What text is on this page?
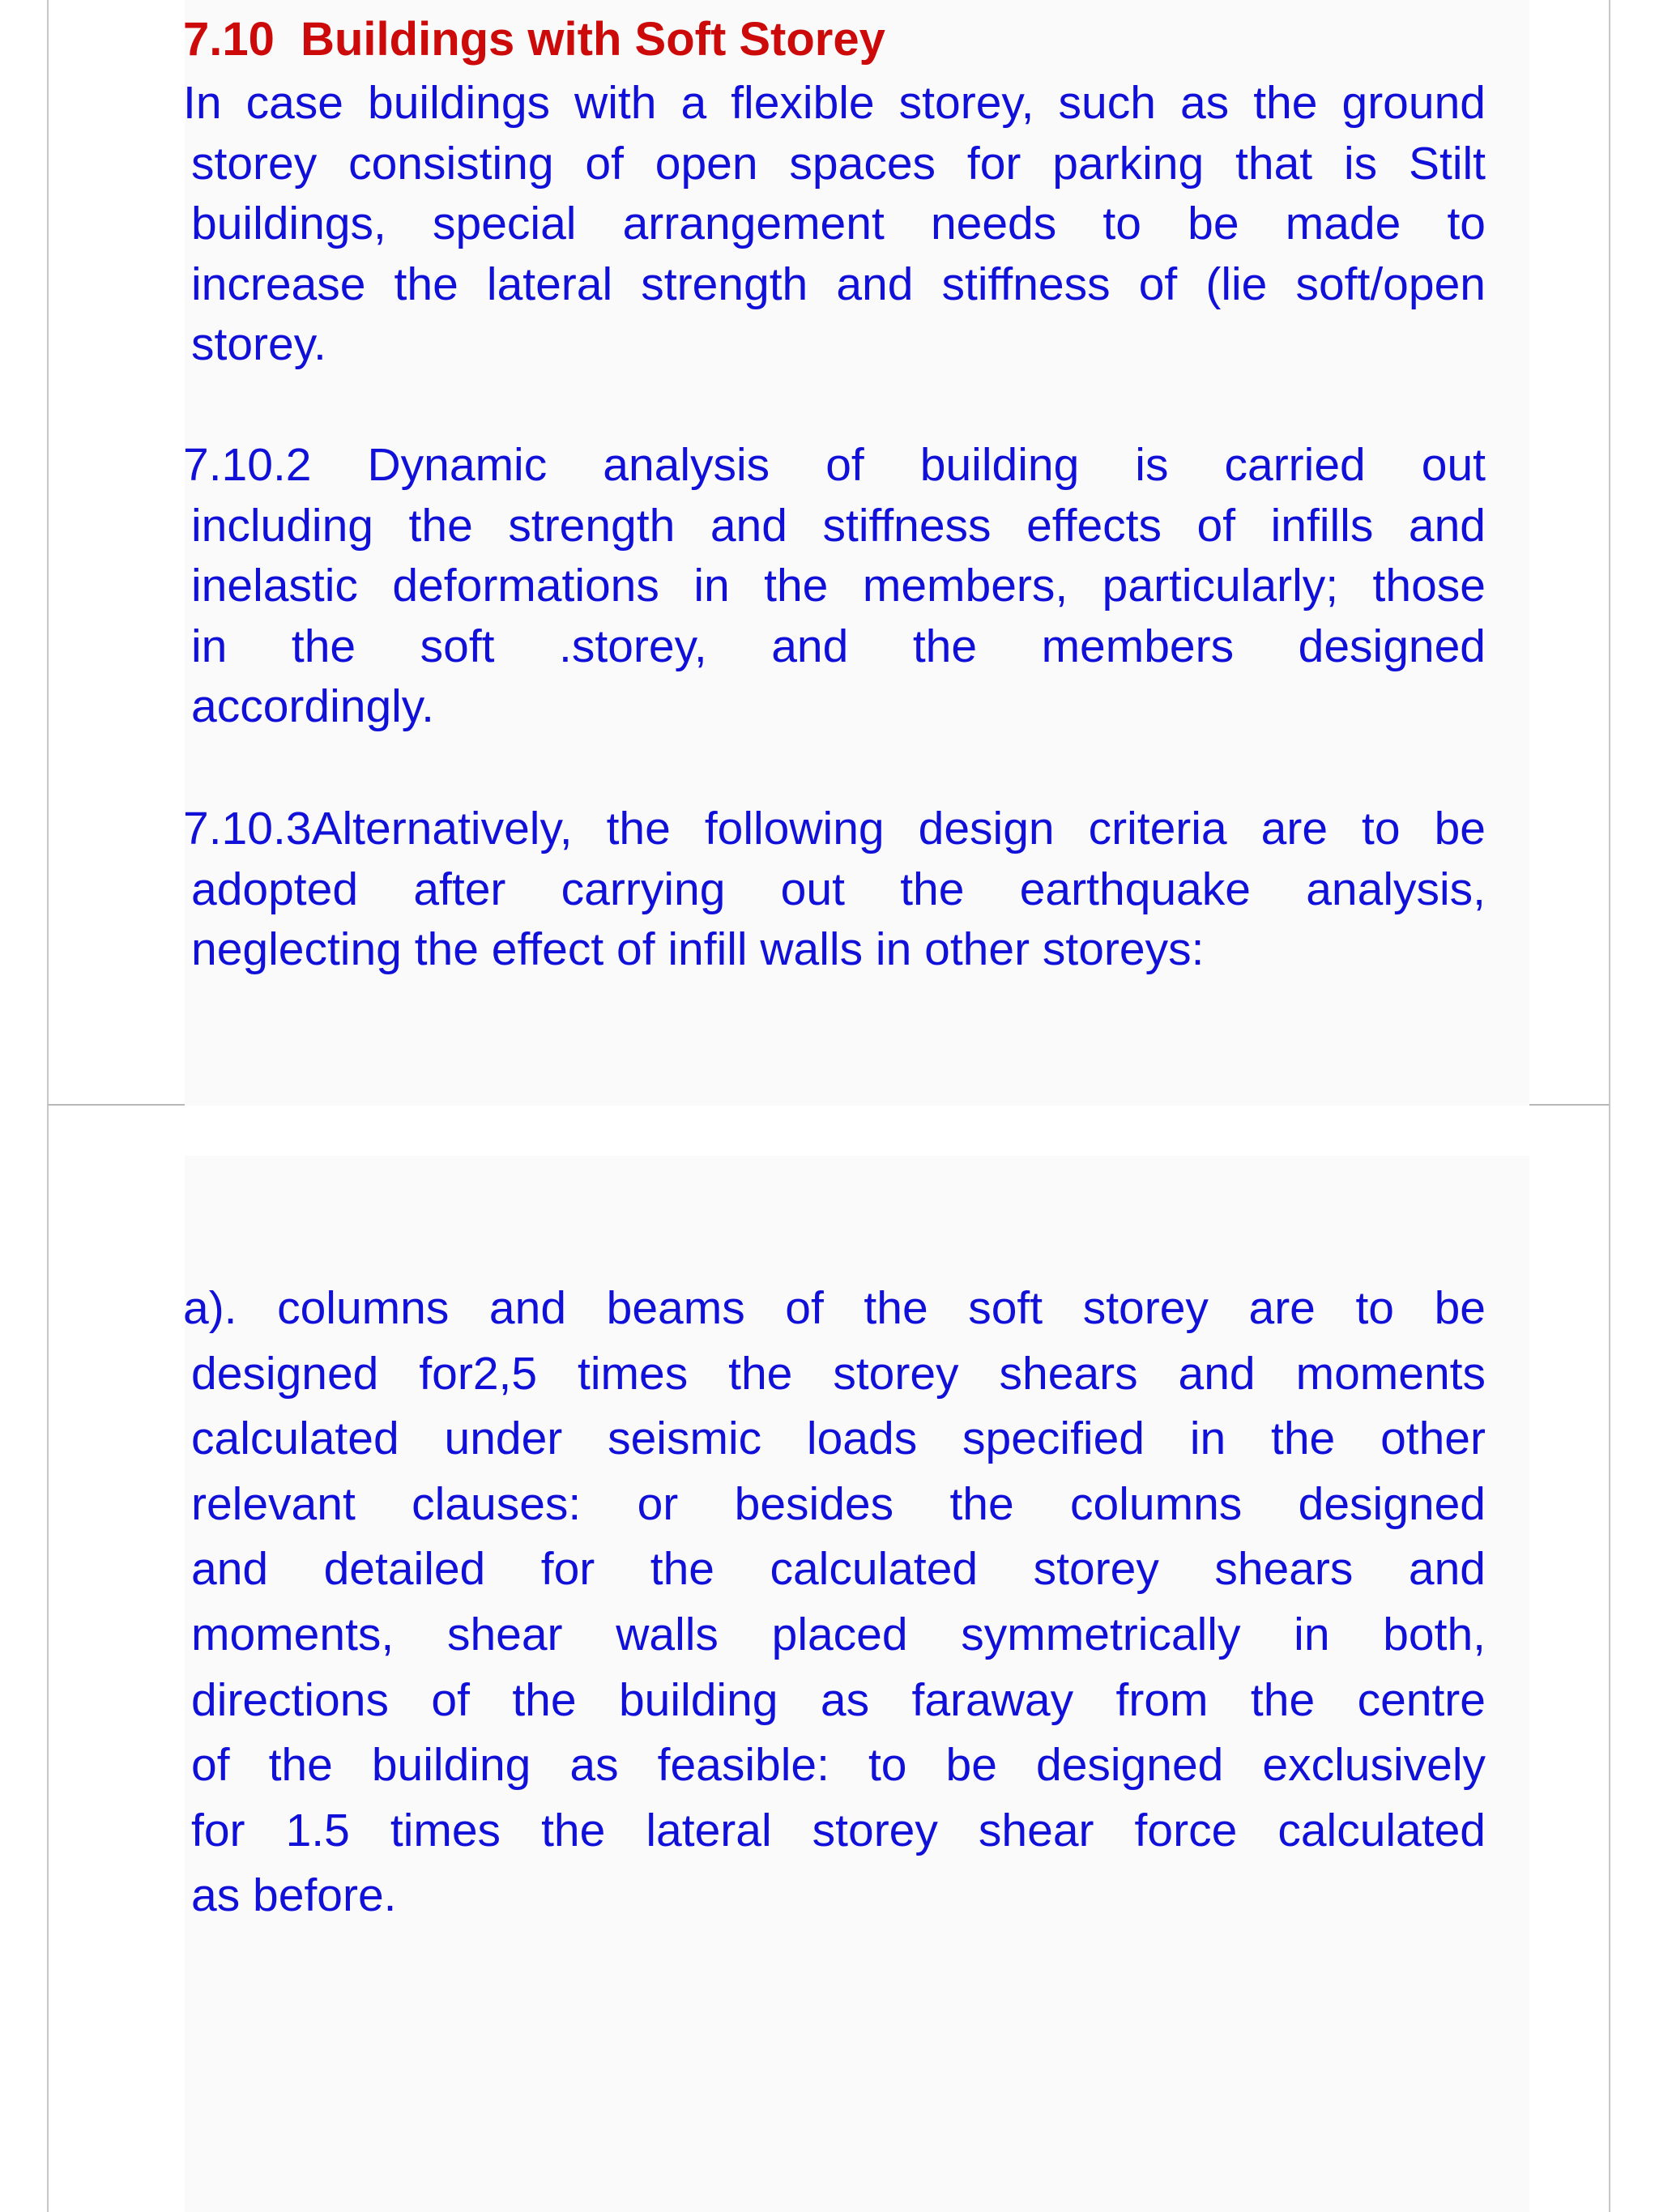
7.10  Buildings with Soft Storey
In case buildings with a flexible storey, such as the ground
storey consisting of open spaces for parking that is Stilt
buildings, special arrangement needs to be made to
increase the lateral strength and stiffness of (lie soft/open
storey.
7.10.2 Dynamic analysis of building is carried out
including the strength and stiffness effects of infills and
inelastic deformations in the members, particularly; those
in the soft .storey, and the members designed
accordingly.
7.10.3Alternatively, the following design criteria are to be
adopted after carrying out the earthquake analysis,
neglecting the effect of infill walls in other storeys:
a). columns and beams of the soft storey are to be
designed for2,5 times the storey shears and moments
calculated under seismic loads specified in the other
relevant clauses: or besides the columns designed
and detailed for the calculated storey shears and
moments, shear walls placed symmetrically in both,
directions of the building as faraway from the centre
of the building as feasible: to be designed exclusively
for 1.5 times the lateral storey shear force calculated
as before.
